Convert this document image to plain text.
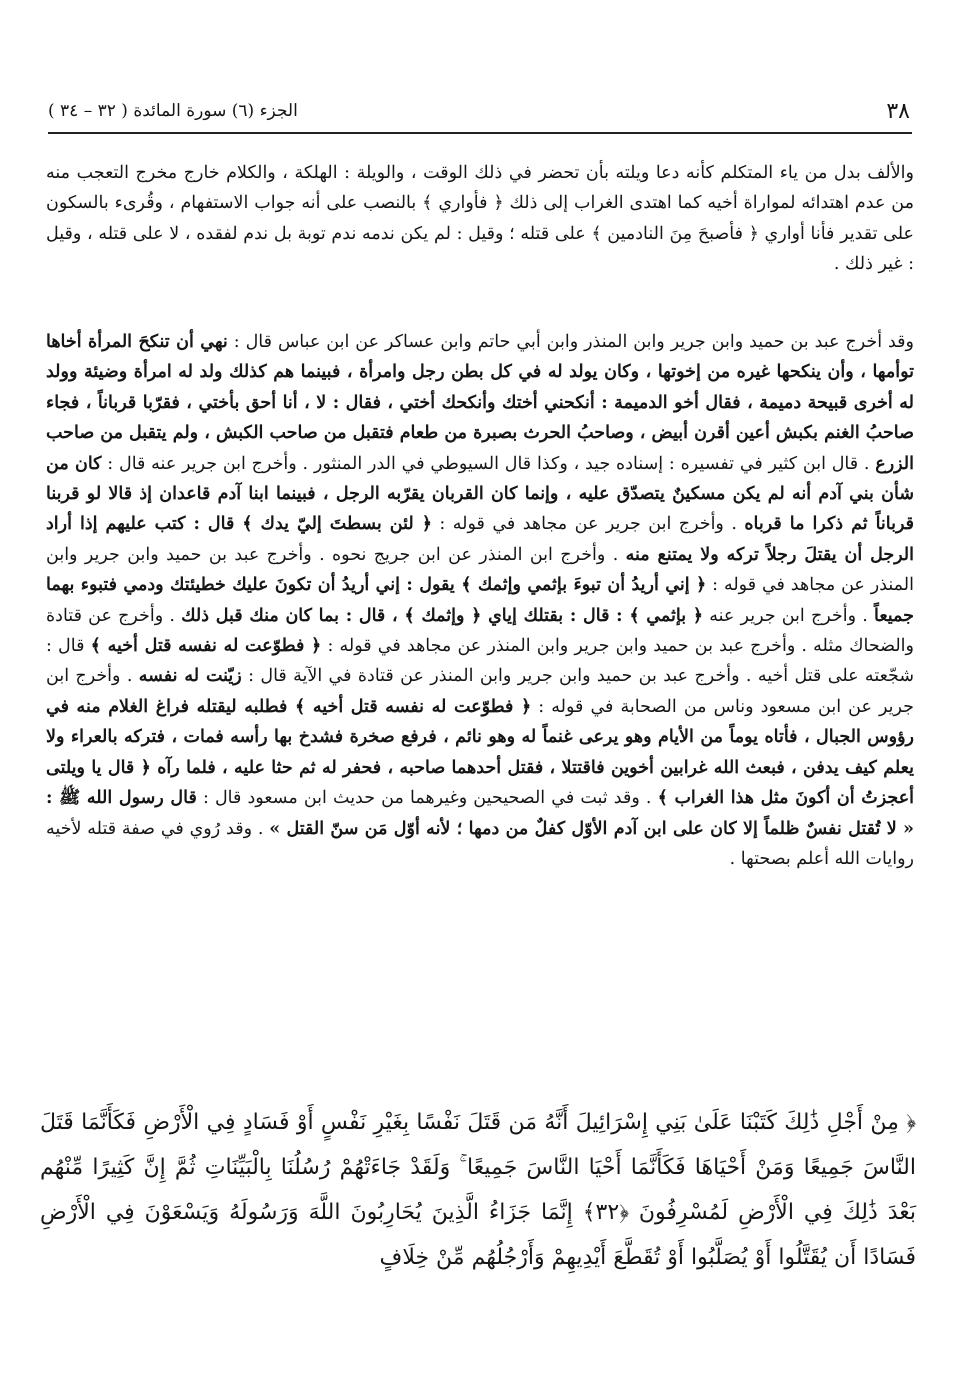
٣٨
الجزء (٦) سورة المائدة ( ٣٢ – ٣٤ )

والألف بدل من ياء المتكلم كأنه دعا ويلته بأن تحضر في ذلك الوقت ، والويلة : الهلكة ، والكلام خارج مخرج التعجب منه من عدم اهتدائه لمواراة أخيه كما اهتدى الغراب إلى ذلك ﴿ فأواري ﴾ بالنصب على أنه جواب الاستفهام ، وقُرىء بالسكون على تقدير فأنا أواري ﴿ فأصبحَ مِنَ النادمين ﴾ على قتله ؛ وقيل : لم يكن ندمه ندم توبة بل ندم لفقده ، لا على قتله ، وقيل : غير ذلك .

وقد أخرج عبد بن حميد وابن جرير وابن المنذر وابن أبي حاتم وابن عساكر عن ابن عباس قال : نهي أن تنكحَ المرأة أخاها توأمها ، وأن ينكحها غيره من إخوتها ، وكان يولد له في كل بطن رجل وامرأة ، فبينما هم كذلك ولد له امرأة وضيئة وولد له أخرى قبيحة دميمة ، فقال أخو الدميمة : أنكحني أختك وأنكحك أختي ، فقال : لا ، أنا أحق بأختي ، فقرّبا قرباناً ، فجاء صاحبُ الغنم بكبش أعين أقرن أبيض ، وصاحبُ الحرث بصبرة من طعام فتقبل من صاحب الكبش ، ولم يتقبل من صاحب الزرع . قال ابن كثير في تفسيره : إسناده جيد ، وكذا قال السيوطي في الدر المنثور . وأخرج ابن جرير عنه قال : كان من شأن بني آدم أنه لم يكن مسكينٌ يتصدّق عليه ، وإنما كان القربان يقرّبه الرجل ، فبينما ابنا آدم قاعدان إذ قالا لو قربنا قرباناً ثم ذكرا ما قرباه . وأخرج ابن جرير عن مجاهد في قوله : ﴿ لئن بسطتَ إليّ يدك ﴾ قال : كتب عليهم إذا أراد الرجل أن يقتلَ رجلاً تركه ولا يمتنع منه . وأخرج ابن المنذر عن ابن جريج نحوه . وأخرج عبد بن حميد وابن جرير وابن المنذر عن مجاهد في قوله : ﴿ إني أريدُ أن تبوءَ بإثمي وإثمك ﴾ يقول : إني أريدُ أن تكونَ عليك خطيئتك ودمي فتبوء بهما جميعاً . وأخرج ابن جرير عنه ﴿ بإثمي ﴾ : قال : بقتلك إياي ﴿ وإثمك ﴾ ، قال : بما كان منك قبل ذلك . وأخرج عن قتادة والضحاك مثله . وأخرج عبد بن حميد وابن جرير وابن المنذر عن مجاهد في قوله : ﴿ فطوّعت له نفسه قتل أخيه ﴾ قال : شجّعته على قتل أخيه . وأخرج عبد بن حميد وابن جرير وابن المنذر عن قتادة في الآية قال : زيّنت له نفسه . وأخرج ابن جرير عن ابن مسعود وناس من الصحابة في قوله : ﴿ فطوّعت له نفسه قتل أخيه ﴾ فطلبه ليقتله فراغ الغلام منه في رؤوس الجبال ، فأتاه يوماً من الأيام وهو يرعى غنماً له وهو نائم ، فرفع صخرة فشدخ بها رأسه فمات ، فتركه بالعراء ولا يعلم كيف يدفن ، فبعث الله غرابين أخوين فاقتتلا ، فقتل أحدهما صاحبه ، فحفر له ثم حثا عليه ، فلما رآه ﴿ قال يا ويلتى أعجزتُ أن أكونَ مثل هذا الغراب ﴾ . وقد ثبت في الصحيحين وغيرهما من حديث ابن مسعود قال : قال رسول الله ﷺ : « لا تُقتل نفسٌ ظلماً إلا كان على ابن آدم الأوّل كفلٌ من دمها ؛ لأنه أوّل مَن سنّ القتل » . وقد رُوي في صفة قتله لأخيه روايات الله أعلم بصحتها .

﴿ مِنْ أَجْلِ ذَٰلِكَ كَتَبْنَا عَلَىٰ بَنِي إِسْرَائِيلَ أَنَّهُ مَن قَتَلَ نَفْسًا بِغَيْرِ نَفْسٍ أَوْ فَسَادٍ فِي الْأَرْضِ فَكَأَنَّمَا قَتَلَ النَّاسَ جَمِيعًا وَمَنْ أَحْيَاهَا فَكَأَنَّمَا أَحْيَا النَّاسَ جَمِيعًا ۚ وَلَقَدْ جَاءَتْهُمْ رُسُلُنَا بِالْبَيِّنَاتِ ثُمَّ إِنَّ كَثِيرًا مِّنْهُم بَعْدَ ذَٰلِكَ فِي الْأَرْضِ لَمُسْرِفُونَ ﴿٣٢﴾ إِنَّمَا جَزَاءُ الَّذِينَ يُحَارِبُونَ اللَّهَ وَرَسُولَهُ وَيَسْعَوْنَ فِي الْأَرْضِ فَسَادًا أَن يُقَتَّلُوا أَوْ يُصَلَّبُوا أَوْ تُقَطَّعَ أَيْدِيهِمْ وَأَرْجُلُهُم مِّنْ خِلَافٍ
